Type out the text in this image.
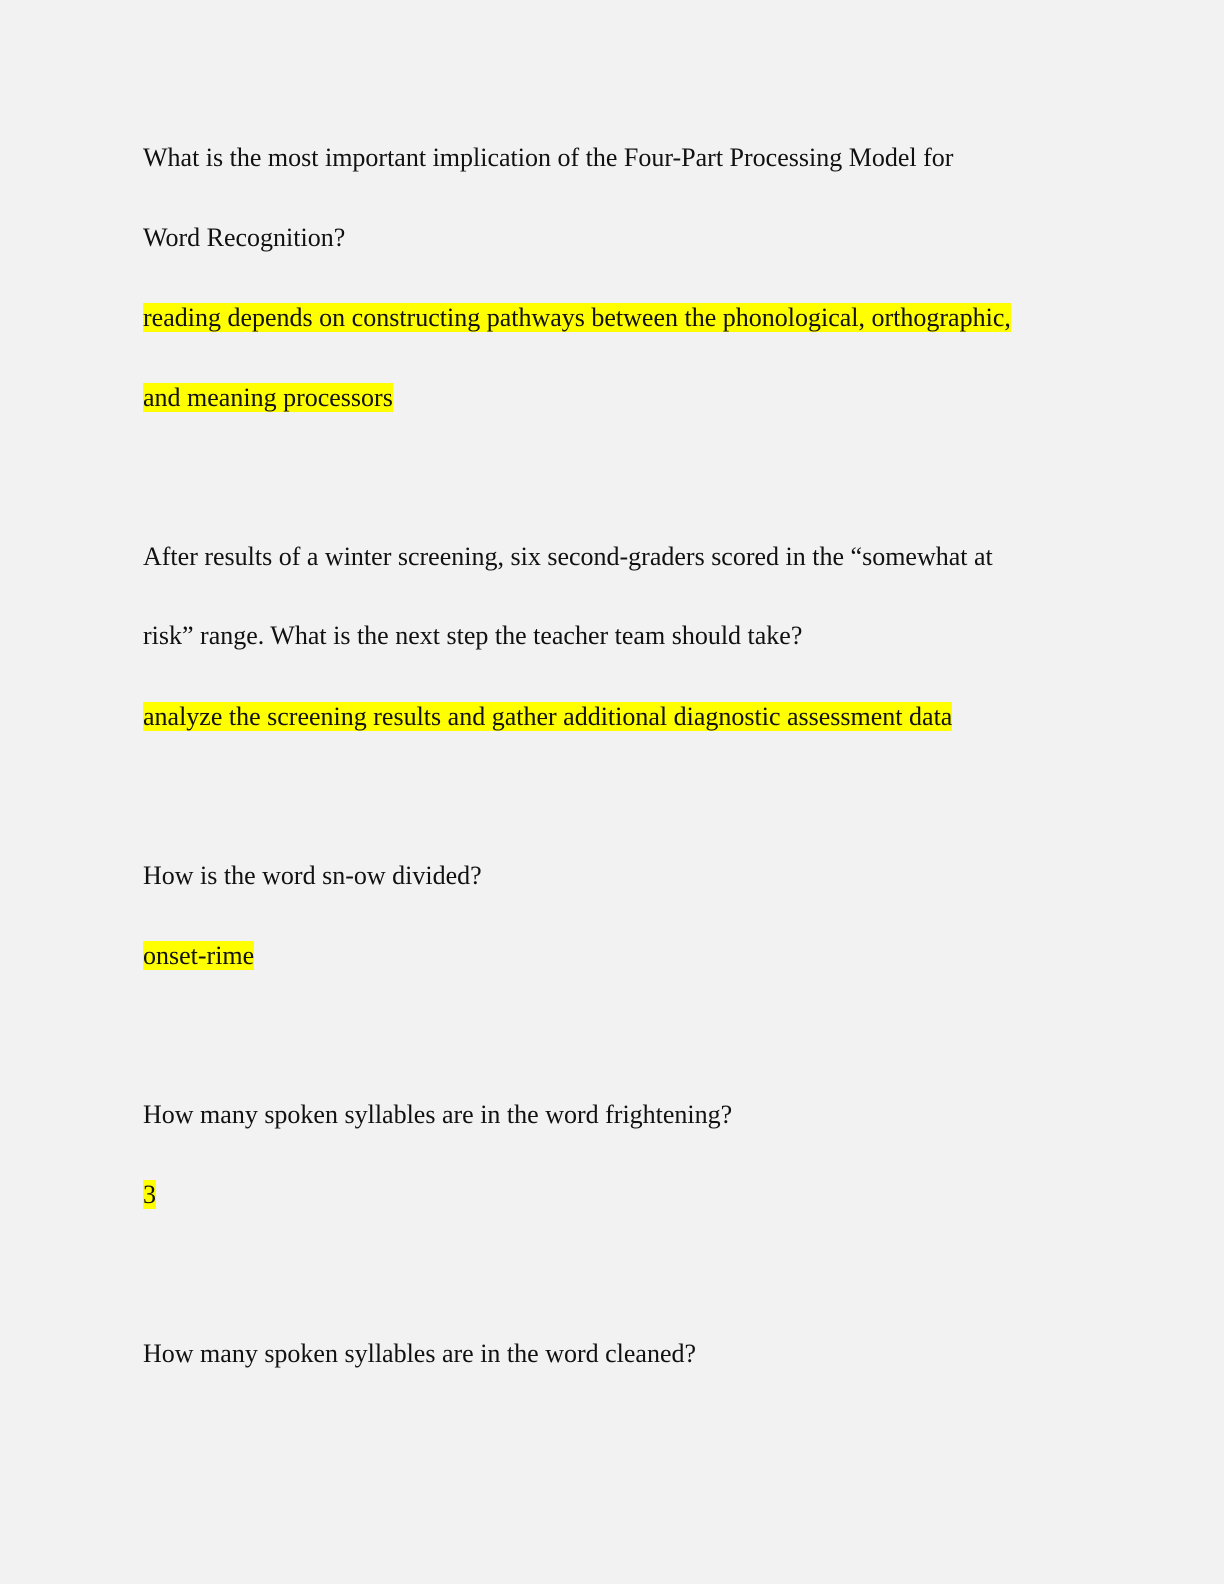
What is the most important implication of the Four-Part Processing Model for
Word Recognition?
reading depends on constructing pathways between the phonological, orthographic,
and meaning processors
After results of a winter screening, six second-graders scored in the “somewhat at
risk” range. What is the next step the teacher team should take?
analyze the screening results and gather additional diagnostic assessment data
How is the word sn-ow divided?
onset-rime
How many spoken syllables are in the word frightening?
3
How many spoken syllables are in the word cleaned?
